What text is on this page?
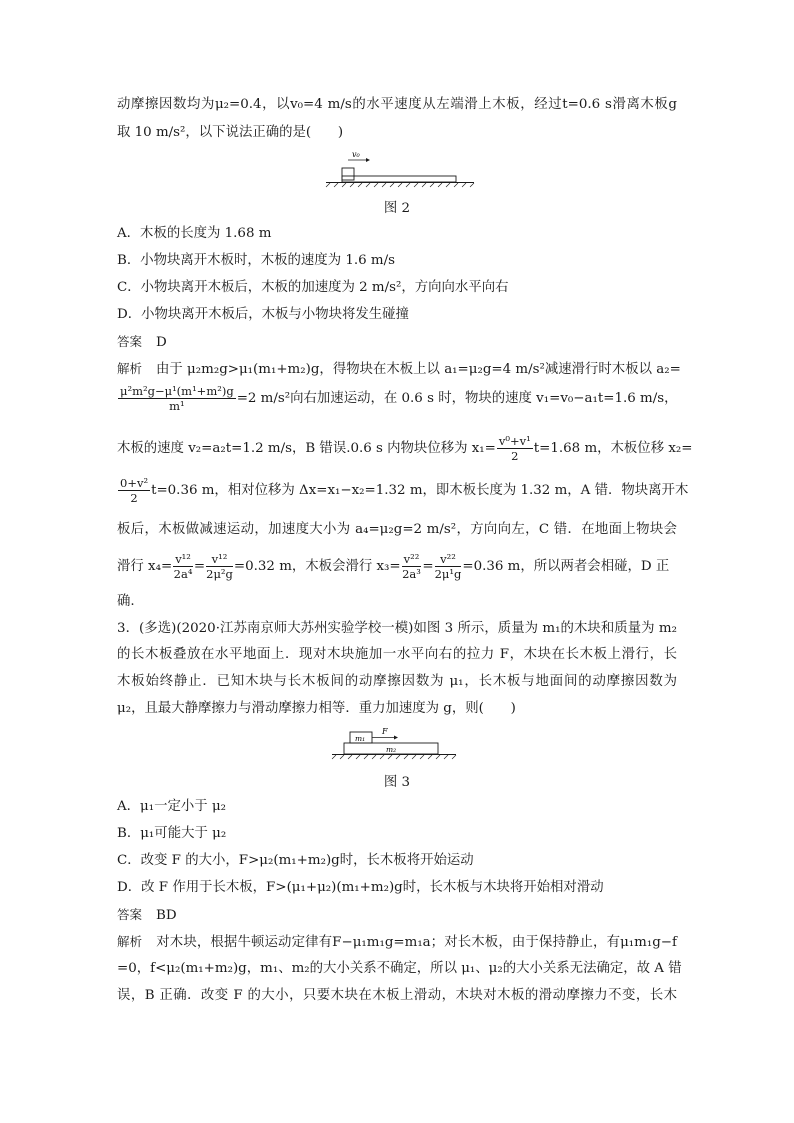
动摩擦因数均为μ₂=0.4，以v₀=4 m/s的水平速度从左端滑上木板，经过t=0.6 s滑离木板g
取 10 m/s²，以下说法正确的是(　　)
v₀
图 2
A．木板的长度为 1.68 m
B．小物块离开木板时，木板的速度为 1.6 m/s
C．小物块离开木板后，木板的加速度为 2 m/s²，方向向水平向右
D．小物块离开木板后，木板与小物块将发生碰撞
答案 D
解析 由于 μ₂m₂g>μ₁(m₁+m₂)g，得物块在木板上以 a₁=μ₂g=4 m/s²减速滑行时木板以 a₂=
$\frac{\text{μ²m²g−μ¹(m¹+m²)g}}{\text{m¹}} =2$ m/s²向右加速运动，在 0.6 s 时，物块的速度 v₁=v₀−a₁t=1.6 m/s，
木板的速度 v₂=a₂t=1.2 m/s，B 错误.0.6 s 内物块位移为 $x_1= \frac{\text{v⁰+v¹}}{2} t=1.68$ m，木板位移 x₂=
$\frac{\text{0+v²}}{2} t=0.36$ m，相对位移为 Δx=x₁−x₂=1.32 m，即木板长度为 1.32 m，A 错．物块离开木
板后，木板做减速运动，加速度大小为 a₄=μ₂g=2 m/s²，方向向左，C 错．在地面上物块会
滑行 $x_4= \frac{\text{v¹²}}{\text{2a⁴}} = \frac{\text{v¹²}}{\text{2μ²g}} =0.32$ m，木板会滑行 $x_3= \frac{\text{v²²}}{\text{2a³}} = \frac{\text{v²²}}{\text{2μ¹g}} =0.36$ m，所以两者会相碰，D 正
确.
3．(多选)(2020·江苏南京师大苏州实验学校一模)如图 3 所示，质量为 m₁的木块和质量为 m₂
的长木板叠放在水平地面上．现对木块施加一水平向右的拉力 F，木块在长木板上滑行，长
木板始终静止．已知木块与长木板间的动摩擦因数为 μ₁，长木板与地面间的动摩擦因数为
μ₂，且最大静摩擦力与滑动摩擦力相等．重力加速度为 g，则(　　)
m₁
F
m₂
图 3
A．μ₁一定小于 μ₂
B．μ₁可能大于 μ₂
C．改变 F 的大小，F>μ₂(m₁+m₂)g时，长木板将开始运动
D．改 F 作用于长木板，F>(μ₁+μ₂)(m₁+m₂)g时，长木板与木块将开始相对滑动
答案 BD
解析 对木块，根据牛顿运动定律有F−μ₁m₁g=m₁a；对长木板，由于保持静止，有μ₁m₁g−f
=0，f<μ₂(m₁+m₂)g，m₁、m₂的大小关系不确定，所以 μ₁、μ₂的大小关系无法确定，故 A 错
误，B 正确．改变 F 的大小，只要木块在木板上滑动，木块对木板的滑动摩擦力不变，长木
